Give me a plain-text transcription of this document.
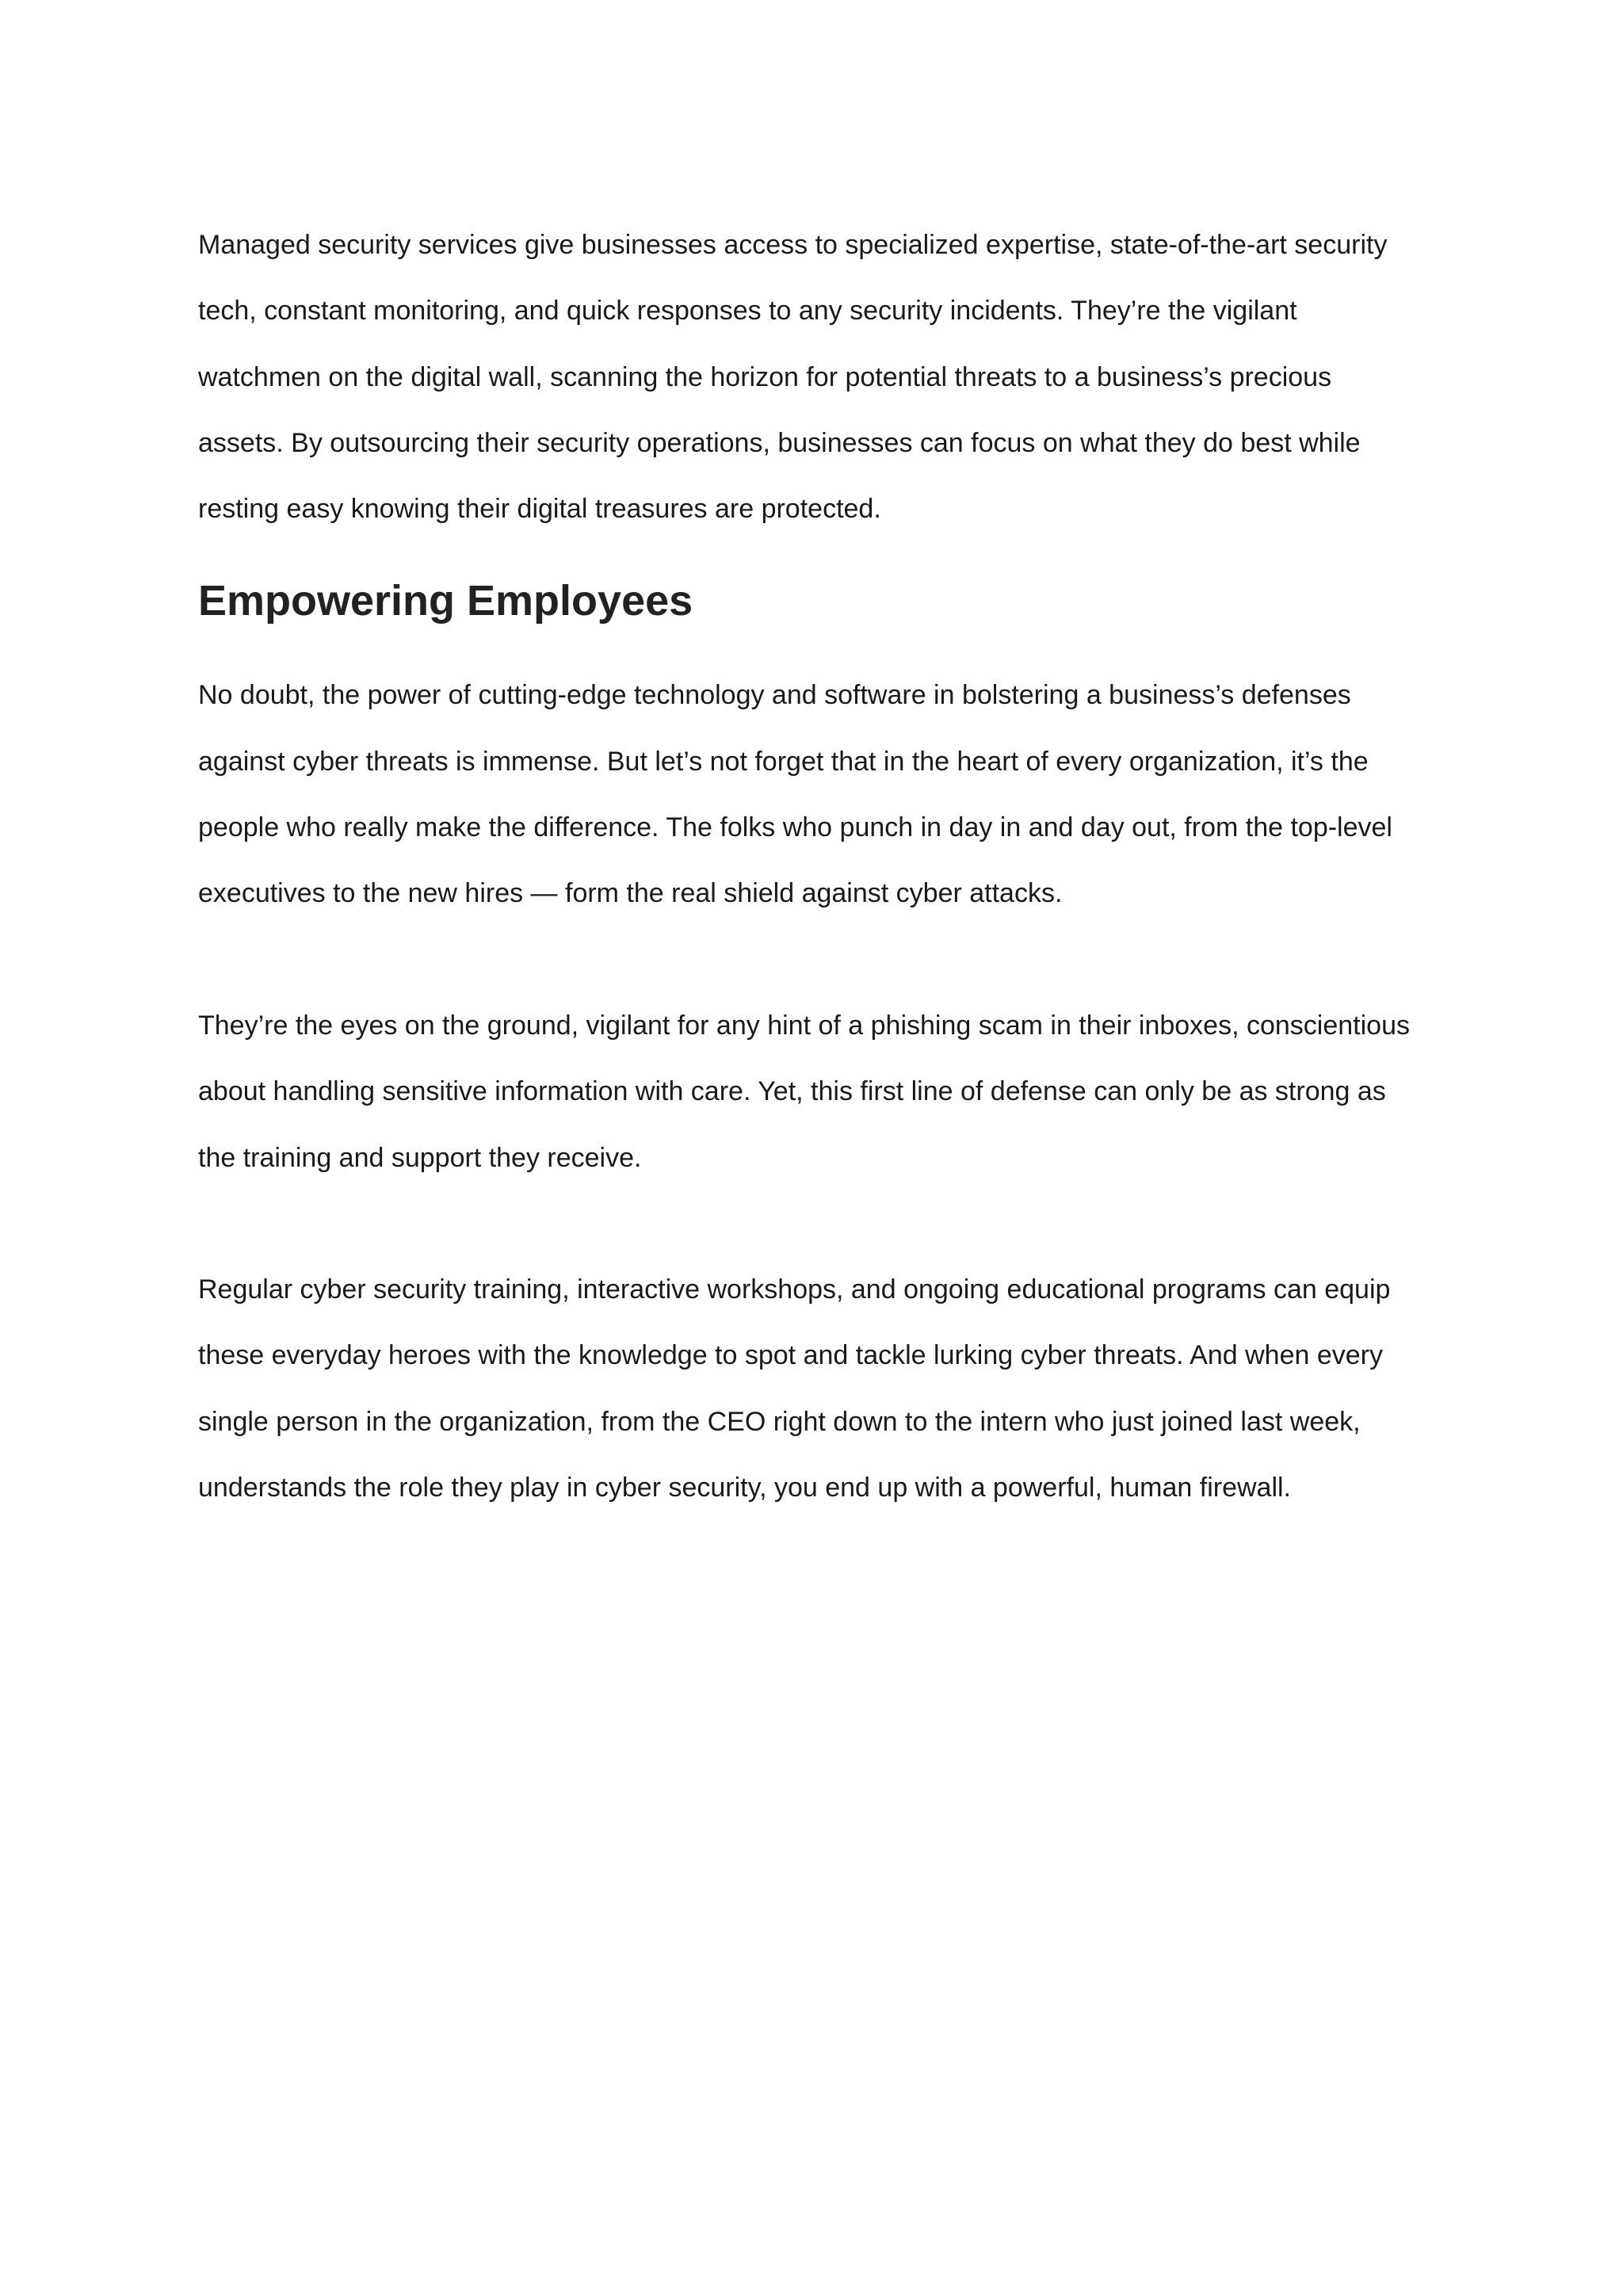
Managed security services give businesses access to specialized expertise, state-of-the-art security
tech, constant monitoring, and quick responses to any security incidents. They’re the vigilant
watchmen on the digital wall, scanning the horizon for potential threats to a business’s precious
assets. By outsourcing their security operations, businesses can focus on what they do best while
resting easy knowing their digital treasures are protected.

Empowering Employees

No doubt, the power of cutting-edge technology and software in bolstering a business’s defenses
against cyber threats is immense. But let’s not forget that in the heart of every organization, it’s the
people who really make the difference. The folks who punch in day in and day out, from the top-level
executives to the new hires — form the real shield against cyber attacks.

They’re the eyes on the ground, vigilant for any hint of a phishing scam in their inboxes, conscientious
about handling sensitive information with care. Yet, this first line of defense can only be as strong as
the training and support they receive.

Regular cyber security training, interactive workshops, and ongoing educational programs can equip
these everyday heroes with the knowledge to spot and tackle lurking cyber threats. And when every
single person in the organization, from the CEO right down to the intern who just joined last week,
understands the role they play in cyber security, you end up with a powerful, human firewall.
